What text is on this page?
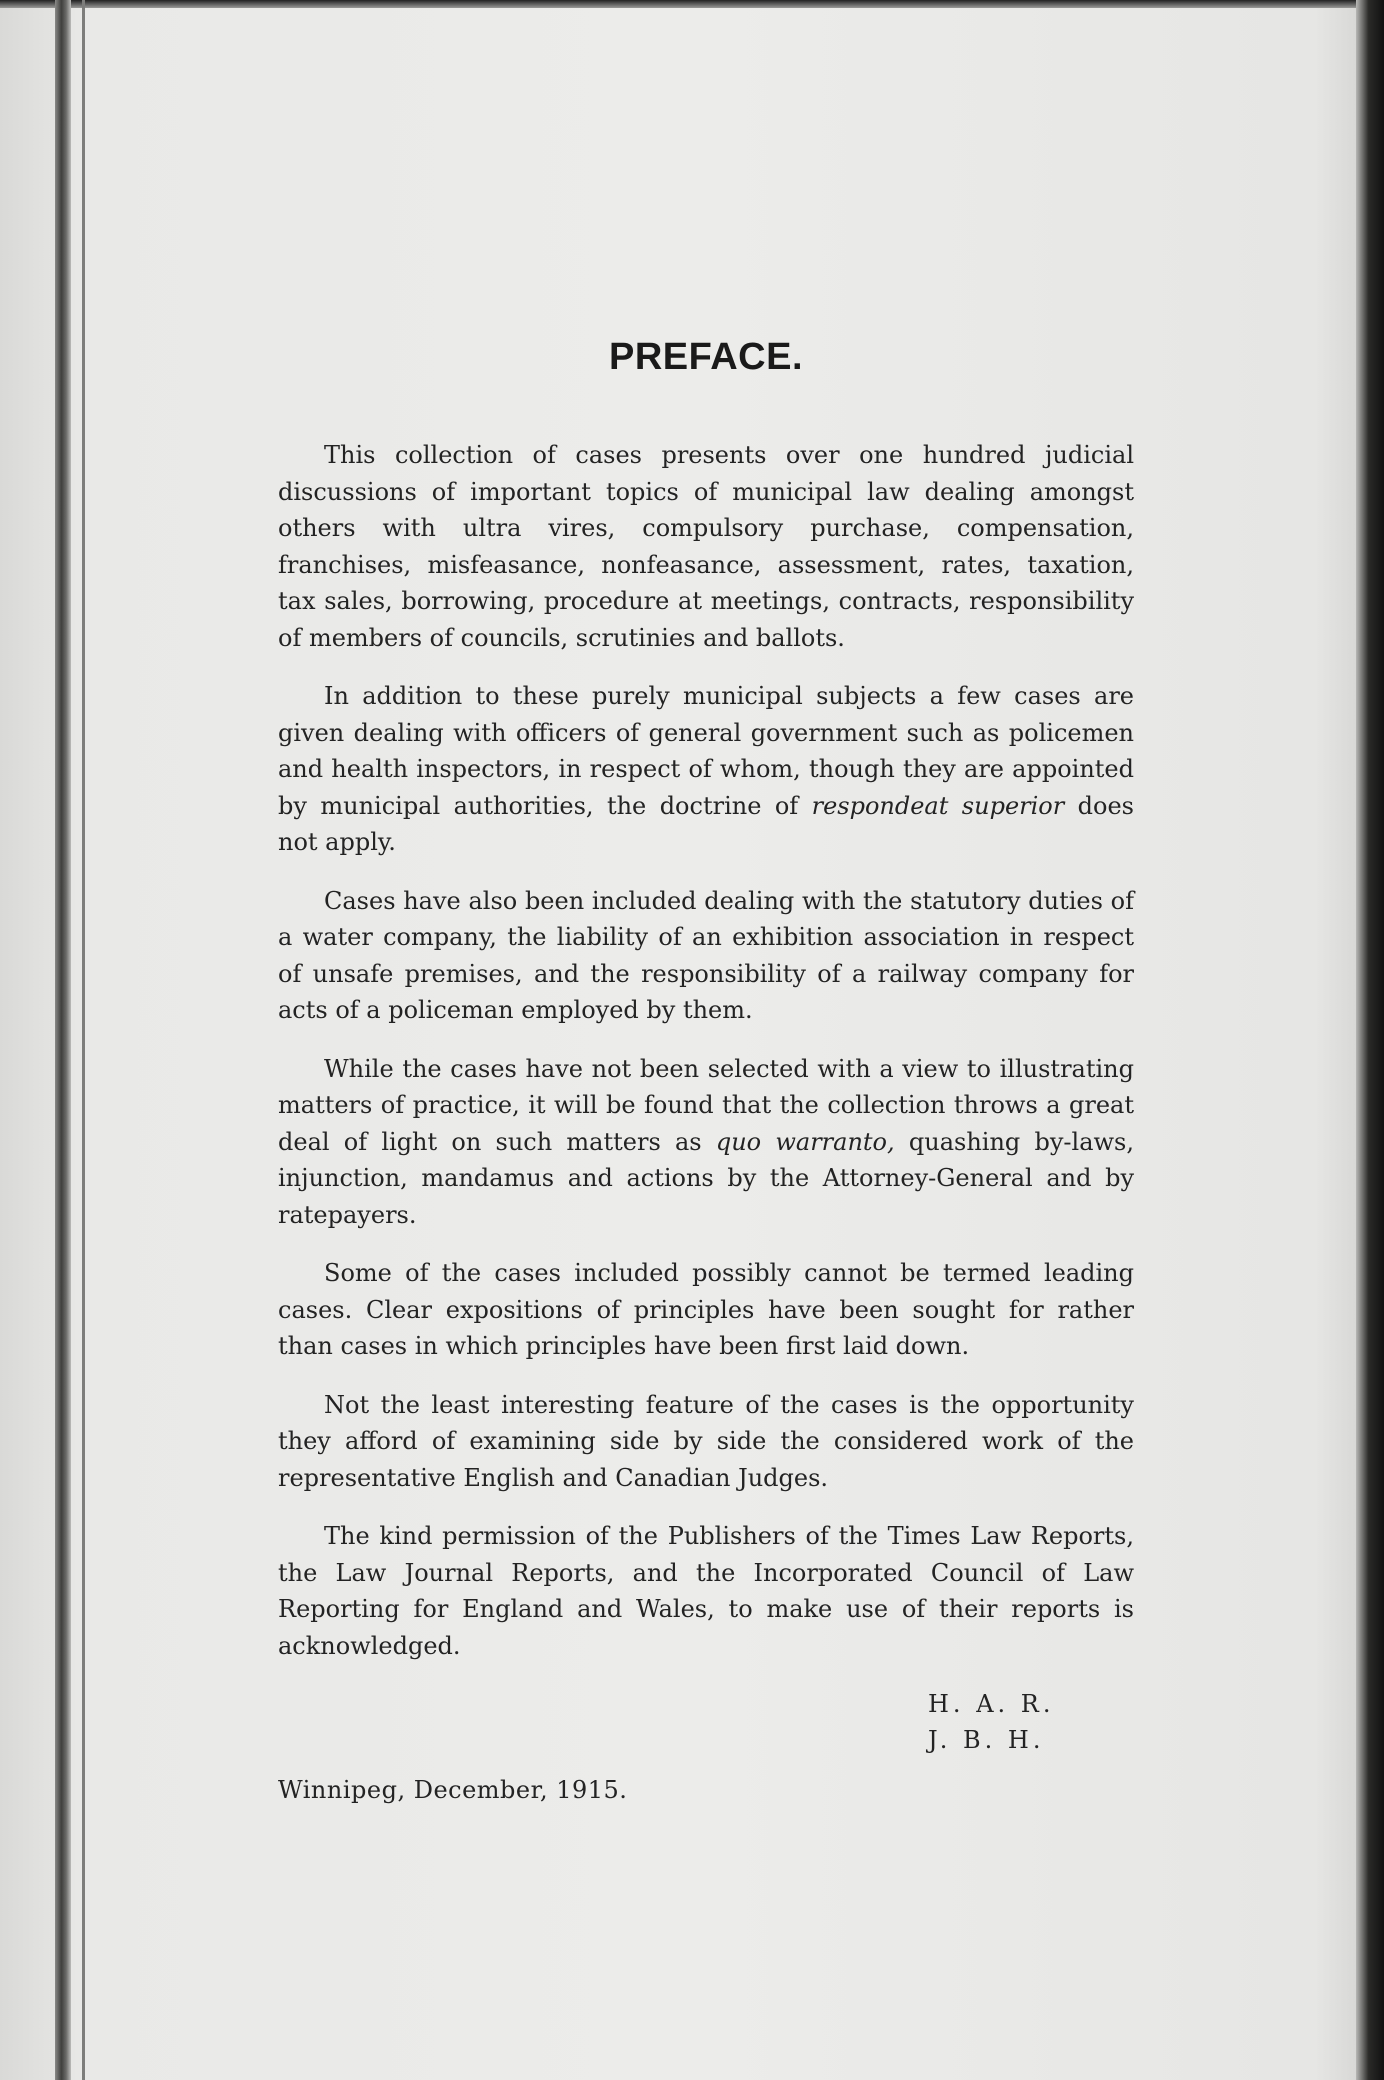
PREFACE.

This collection of cases presents over one hundred judicial discussions of important topics of municipal law dealing amongst others with ultra vires, compulsory purchase, compensation, franchises, misfeasance, nonfeasance, assessment, rates, taxation, tax sales, borrowing, procedure at meetings, contracts, responsibility of members of councils, scrutinies and ballots.

In addition to these purely municipal subjects a few cases are given dealing with officers of general government such as policemen and health inspectors, in respect of whom, though they are appointed by municipal authorities, the doctrine of respondeat superior does not apply.

Cases have also been included dealing with the statutory duties of a water company, the liability of an exhibition association in respect of unsafe premises, and the responsibility of a railway company for acts of a policeman employed by them.

While the cases have not been selected with a view to illustrating matters of practice, it will be found that the collection throws a great deal of light on such matters as quo warranto, quashing by-laws, injunction, mandamus and actions by the Attorney-General and by ratepayers.

Some of the cases included possibly cannot be termed leading cases. Clear expositions of principles have been sought for rather than cases in which principles have been first laid down.

Not the least interesting feature of the cases is the opportunity they afford of examining side by side the considered work of the representative English and Canadian Judges.

The kind permission of the Publishers of the Times Law Reports, the Law Journal Reports, and the Incorporated Council of Law Reporting for England and Wales, to make use of their reports is acknowledged.

H. A. R.
J. B. H.
Winnipeg, December, 1915.
